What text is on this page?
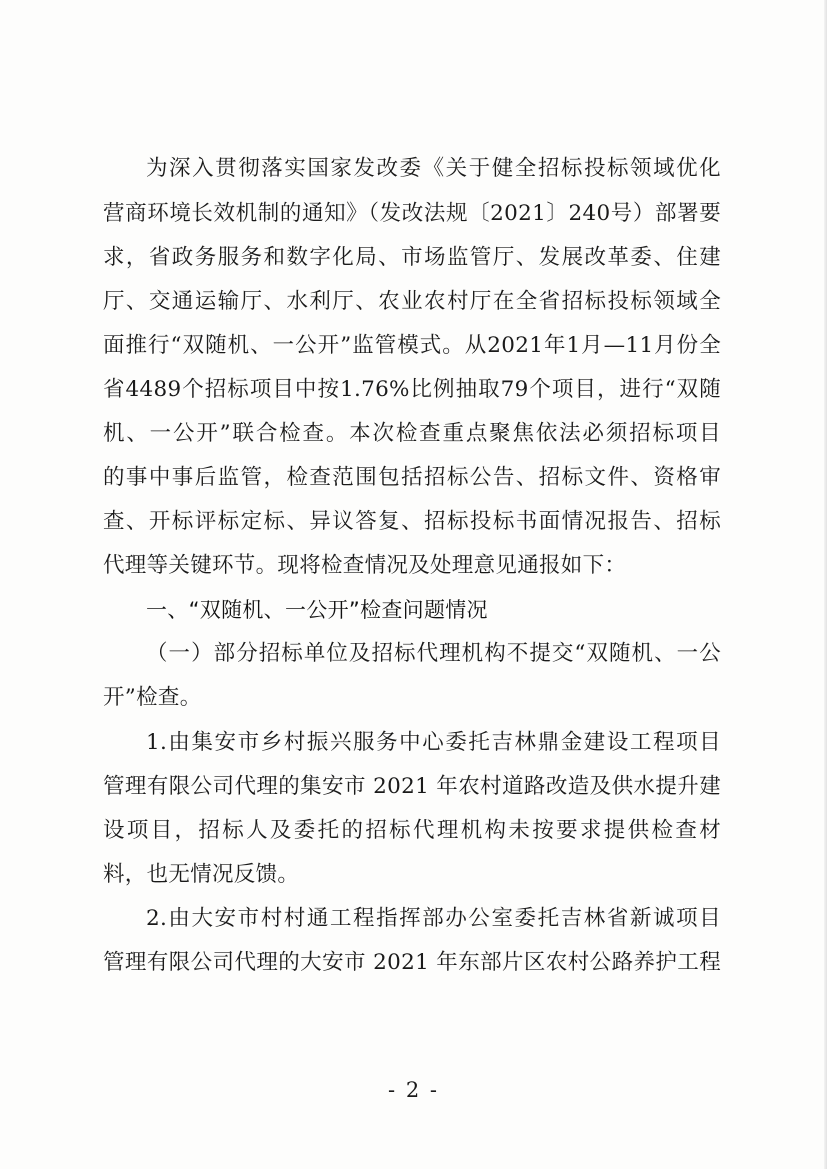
为深入贯彻落实国家发改委《关于健全招标投标领域优化
营商环境长效机制的通知》（发改法规〔2021〕240号）部署要
求，省政务服务和数字化局、市场监管厅、发展改革委、住建
厅、交通运输厅、水利厅、农业农村厅在全省招标投标领域全
面推行“双随机、一公开”监管模式。从2021年1月—11月份全
省4489个招标项目中按1.76%比例抽取79个项目，进行“双随
机、一公开”联合检查。本次检查重点聚焦依法必须招标项目
的事中事后监管，检查范围包括招标公告、招标文件、资格审
查、开标评标定标、异议答复、招标投标书面情况报告、招标
代理等关键环节。现将检查情况及处理意见通报如下：
一、“双随机、一公开”检查问题情况
（一）部分招标单位及招标代理机构不提交“双随机、一公
开”检查。
1.由集安市乡村振兴服务中心委托吉林鼎金建设工程项目
管理有限公司代理的集安市 2021 年农村道路改造及供水提升建
设项目，招标人及委托的招标代理机构未按要求提供检查材
料，也无情况反馈。
2.由大安市村村通工程指挥部办公室委托吉林省新诚项目
管理有限公司代理的大安市 2021 年东部片区农村公路养护工程
- 2 -
